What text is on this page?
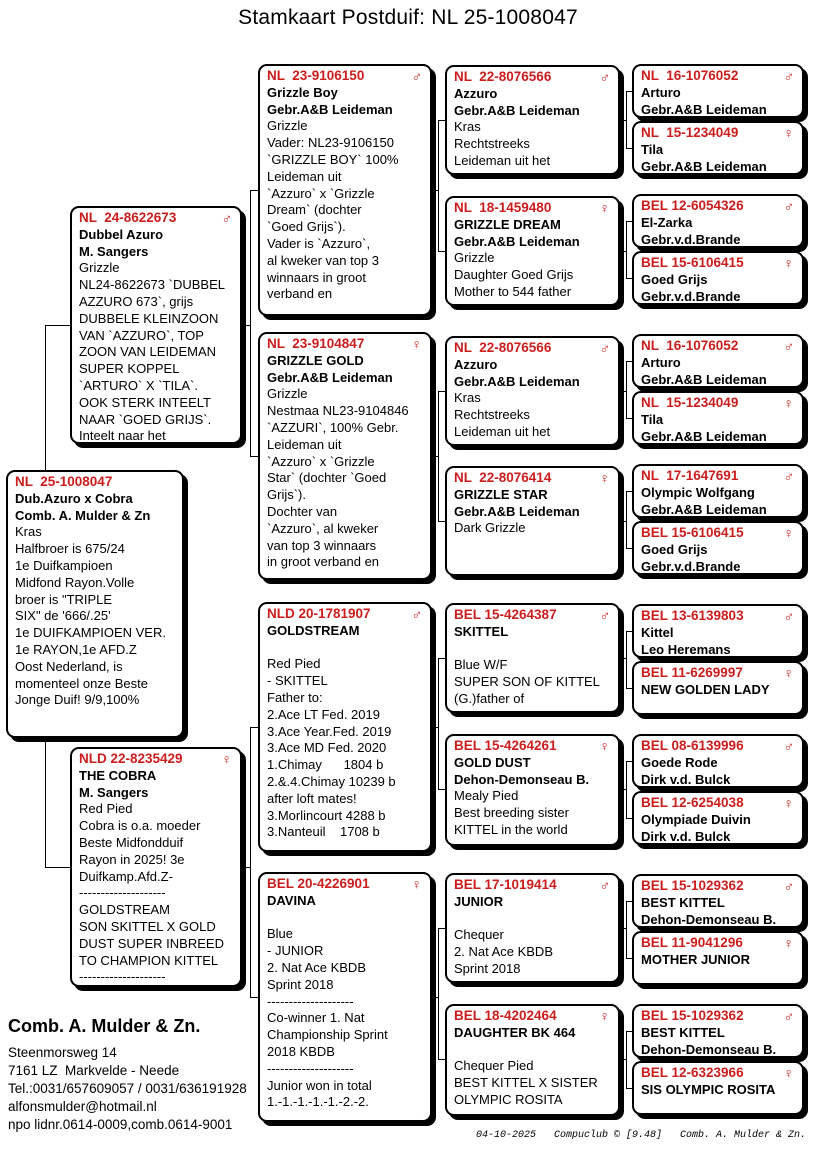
Stamkaart Postduif: NL 25-1008047
NL  25-1008047
Dub.Azuro x Cobra
Comb. A. Mulder & Zn
Kras
Halfbroer is 675/24
1e Duifkampioen
Midfond Rayon.Volle
broer is "TRIPLE
SIX" de '666/.25'
1e DUIFKAMPIOEN VER.
1e RAYON,1e AFD.Z
Oost Nederland, is
momenteel onze Beste
Jonge Duif! 9/9,100%
NL  24-8622673	♂
Dubbel Azuro
M. Sangers
Grizzle
NL24-8622673 `DUBBEL
AZZURO 673`, grijs
DUBBELE KLEINZOON
VAN `AZZURO`, TOP
ZOON VAN LEIDEMAN
SUPER KOPPEL
`ARTURO` X `TILA`.
OOK STERK INTEELT
NAAR `GOED GRIJS`.
Inteelt naar het
NLD 22-8235429	♀
THE COBRA
M. Sangers
Red Pied
Cobra is o.a. moeder
Beste Midfondduif
Rayon in 2025! 3e
Duifkamp.Afd.Z-
--------------------
GOLDSTREAM
SON SKITTEL X GOLD
DUST SUPER INBREED
TO CHAMPION KITTEL
--------------------
NL  23-9106150	♂
Grizzle Boy
Gebr.A&B Leideman
Grizzle
Vader: NL23-9106150
`GRIZZLE BOY` 100%
Leideman uit
`Azzuro` x `Grizzle
Dream` (dochter
`Goed Grijs`).
Vader is `Azzuro`,
al kweker van top 3
winnaars in groot
verband en
NL  23-9104847	♀
GRIZZLE GOLD
Gebr.A&B Leideman
Grizzle
Nestmaa NL23-9104846
`AZZURI`, 100% Gebr.
Leideman uit
`Azzuro` x `Grizzle
Star` (dochter `Goed
Grijs`).
Dochter van
`Azzuro`, al kweker
van top 3 winnaars
in groot verband en
NLD 20-1781907	♂
GOLDSTREAM
Red Pied
- SKITTEL
Father to:
2.Ace LT Fed. 2019
3.Ace Year.Fed. 2019
3.Ace MD Fed. 2020
1.Chimay      1804 b
2.&.4.Chimay 10239 b
after loft mates!
3.Morlincourt 4288 b
3.Nanteuil    1708 b
BEL 20-4226901	♀
DAVINA
Blue
- JUNIOR
2. Nat Ace KBDB
Sprint 2018
--------------------
Co-winner 1. Nat
Championship Sprint
2018 KBDB
--------------------
Junior won in total
1.-1.-1.-1.-1.-2.-2.
NL  22-8076566	♂
Azzuro
Gebr.A&B Leideman
Kras
Rechtstreeks
Leideman uit het
NL  18-1459480	♀
GRIZZLE DREAM
Gebr.A&B Leideman
Grizzle
Daughter Goed Grijs
Mother to 544 father
NL  22-8076566	♂
Azzuro
Gebr.A&B Leideman
Kras
Rechtstreeks
Leideman uit het
NL  22-8076414	♀
GRIZZLE STAR
Gebr.A&B Leideman
Dark Grizzle
BEL 15-4264387	♂
SKITTEL
Blue W/F
SUPER SON OF KITTEL
(G.)father of
BEL 15-4264261	♀
GOLD DUST
Dehon-Demonseau B.
Mealy Pied
Best breeding sister
KITTEL in the world
BEL 17-1019414	♂
JUNIOR
Chequer
2. Nat Ace KBDB
Sprint 2018
BEL 18-4202464	♀
DAUGHTER BK 464
Chequer Pied
BEST KITTEL X SISTER
OLYMPIC ROSITA
NL  16-1076052	♂
Arturo
Gebr.A&B Leideman
NL  15-1234049	♀
Tila
Gebr.A&B Leideman
BEL 12-6054326	♂
El-Zarka
Gebr.v.d.Brande
BEL 15-6106415	♀
Goed Grijs
Gebr.v.d.Brande
NL  16-1076052	♂
Arturo
Gebr.A&B Leideman
NL  15-1234049	♀
Tila
Gebr.A&B Leideman
NL  17-1647691	♂
Olympic Wolfgang
Gebr.A&B Leideman
BEL 15-6106415	♀
Goed Grijs
Gebr.v.d.Brande
BEL 13-6139803	♂
Kittel
Leo Heremans
BEL 11-6269997	♀
NEW GOLDEN LADY
BEL 08-6139996	♂
Goede Rode
Dirk v.d. Bulck
BEL 12-6254038	♀
Olympiade Duivin
Dirk v.d. Bulck
BEL 15-1029362	♂
BEST KITTEL
Dehon-Demonseau B.
BEL 11-9041296	♀
MOTHER JUNIOR
BEL 15-1029362	♂
BEST KITTEL
Dehon-Demonseau B.
BEL 12-6323966	♀
SIS OLYMPIC ROSITA
Comb. A. Mulder & Zn.
Steenmorsweg 14
7161 LZ  Markvelde - Neede
Tel.:0031/657609057 / 0031/636191928
alfonsmulder@hotmail.nl
npo lidnr.0614-0009,comb.0614-9001
04-10-2025   Compuclub © [9.48]   Comb. A. Mulder & Zn.
